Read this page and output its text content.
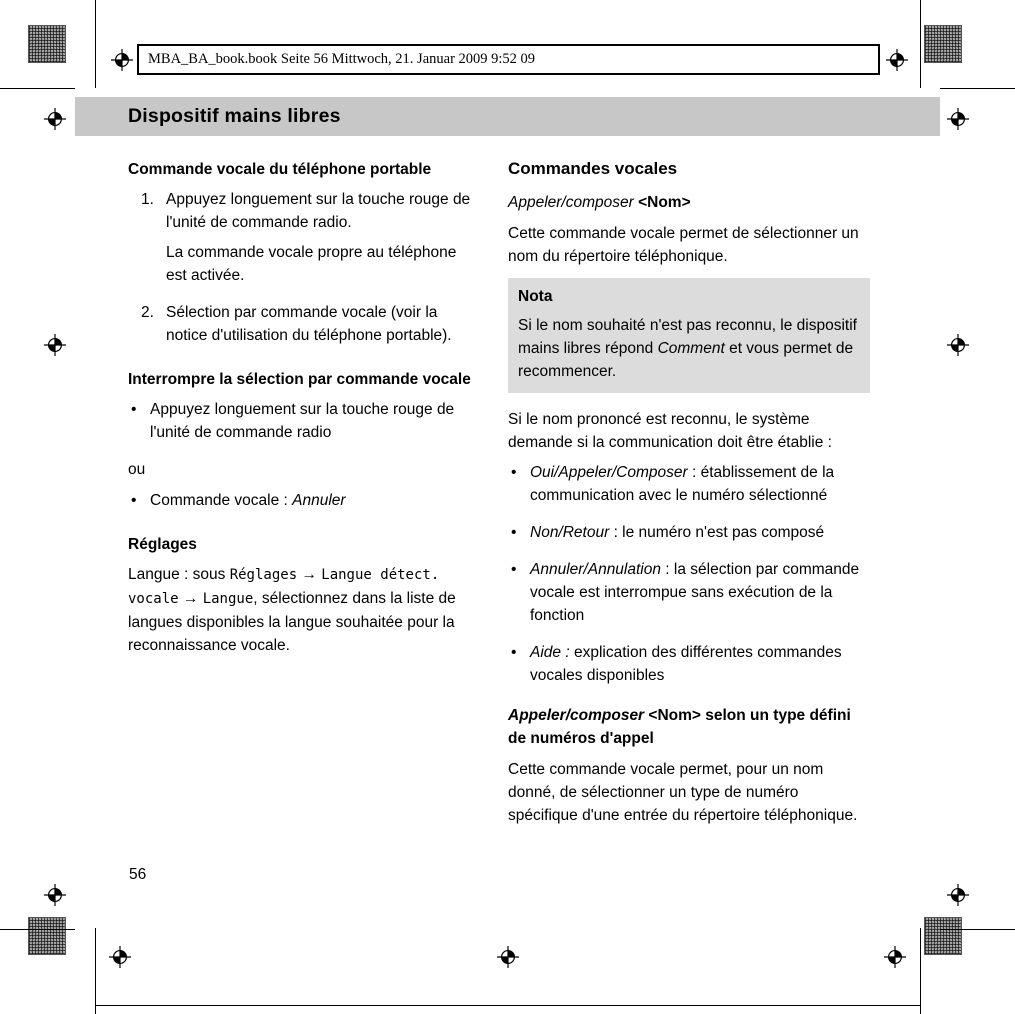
MBA_BA_book.book Seite 56 Mittwoch, 21. Januar 2009 9:52 09
Dispositif mains libres
Commande vocale du téléphone portable
1. Appuyez longuement sur la touche rouge de l'unité de commande radio.

La commande vocale propre au téléphone est activée.

2. Sélection par commande vocale (voir la notice d'utilisation du téléphone portable).

Interrompre la sélection par commande vocale
• Appuyez longuement sur la touche rouge de l'unité de commande radio

ou

• Commande vocale : Annuler

Réglages

Langue : sous Réglages → Langue détect. vocale → Langue, sélectionnez dans la liste de langues disponibles la langue souhaitée pour la reconnaissance vocale.

Commandes vocales

Appeler/composer <Nom>

Cette commande vocale permet de sélectionner un nom du répertoire téléphonique.

Nota
Si le nom souhaité n'est pas reconnu, le dispositif mains libres répond Comment et vous permet de recommencer.

Si le nom prononcé est reconnu, le système demande si la communication doit être établie :

• Oui/Appeler/Composer : établissement de la communication avec le numéro sélectionné

• Non/Retour : le numéro n'est pas composé

• Annuler/Annulation : la sélection par commande vocale est interrompue sans exécution de la fonction

• Aide : explication des différentes commandes vocales disponibles

Appeler/composer <Nom> selon un type défini de numéros d'appel

Cette commande vocale permet, pour un nom donné, de sélectionner un type de numéro spécifique d'une entrée du répertoire téléphonique.

56
